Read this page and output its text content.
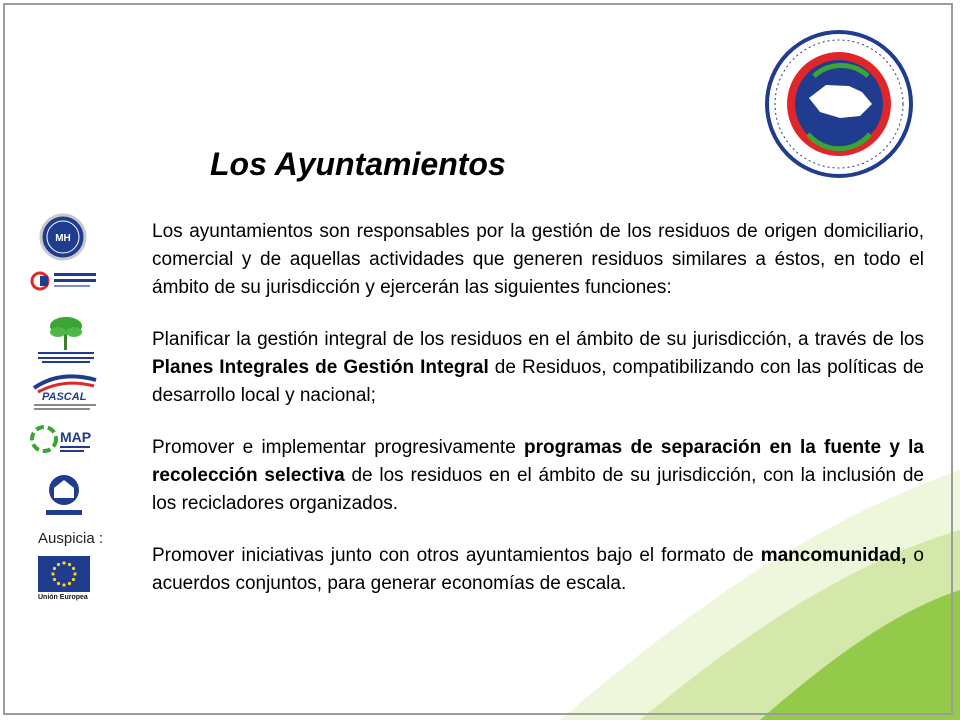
Los Ayuntamientos

Los ayuntamientos son responsables por la gestión de los residuos de origen domiciliario, comercial y de aquellas actividades que generen residuos similares a éstos, en todo el ámbito de su jurisdicción y ejercerán las siguientes funciones:

Planificar la gestión integral de los residuos en el ámbito de su jurisdicción, a través de los Planes Integrales de Gestión Integral de Residuos, compatibilizando con las políticas de desarrollo local y nacional;

Promover e implementar progresivamente programas de separación en la fuente y la recolección selectiva de los residuos en el ámbito de su jurisdicción, con la inclusión de los recicladores organizados.

Promover iniciativas junto con otros ayuntamientos bajo el formato de mancomunidad, o acuerdos conjuntos, para generar economías de escala.

MH
PASCAL
MAP
Auspicia :
Unión Europea
